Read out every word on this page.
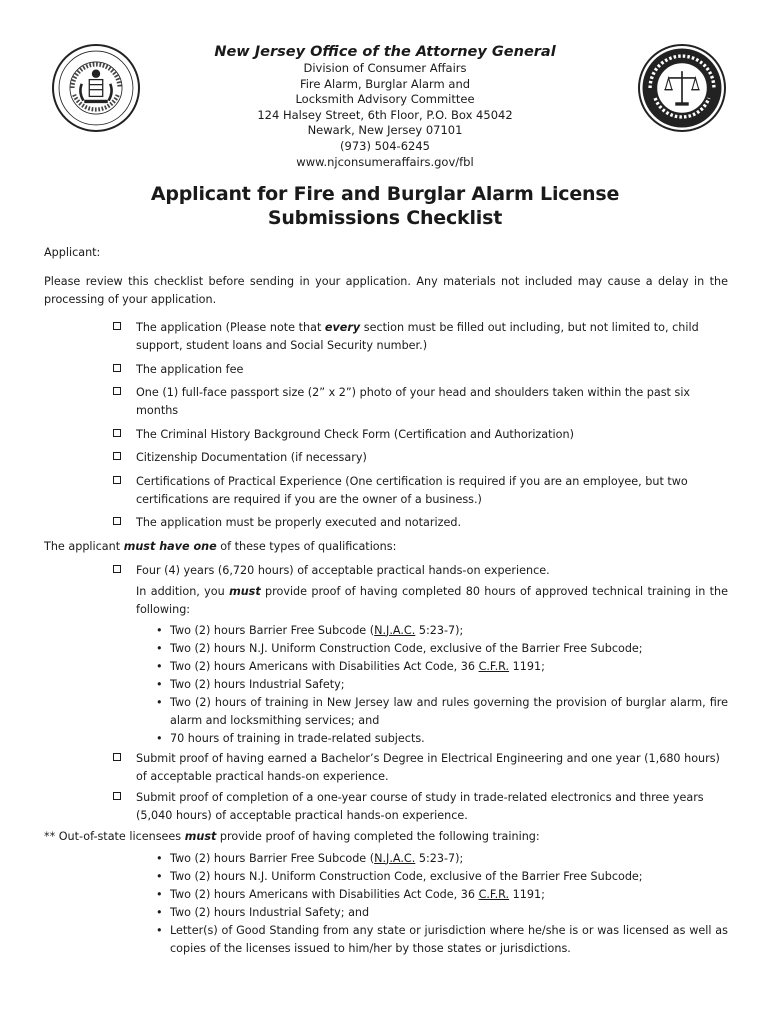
New Jersey Office of the Attorney General
Division of Consumer Affairs
Fire Alarm, Burglar Alarm and
Locksmith Advisory Committee
124 Halsey Street, 6th Floor, P.O. Box 45042
Newark, New Jersey 07101
(973) 504-6245
www.njconsumeraffairs.gov/fbl
Applicant for Fire and Burglar Alarm License
Submissions Checklist

Applicant:

Please review this checklist before sending in your application. Any materials not included may cause a delay in the processing of your application.

The application (Please note that every section must be filled out including, but not limited to, child support, student loans and Social Security number.)
The application fee
One (1) full-face passport size (2” x 2”) photo of your head and shoulders taken within the past six months
The Criminal History Background Check Form (Certification and Authorization)
Citizenship Documentation (if necessary)
Certifications of Practical Experience (One certification is required if you are an employee, but two certifications are required if you are the owner of a business.)
The application must be properly executed and notarized.

The applicant must have one of these types of qualifications:

Four (4) years (6,720 hours) of acceptable practical hands-on experience.

In addition, you must provide proof of having completed 80 hours of approved technical training in the following:

• Two (2) hours Barrier Free Subcode (N.J.A.C. 5:23-7);
• Two (2) hours N.J. Uniform Construction Code, exclusive of the Barrier Free Subcode;
• Two (2) hours Americans with Disabilities Act Code, 36 C.F.R. 1191;
• Two (2) hours Industrial Safety;
• Two (2) hours of training in New Jersey law and rules governing the provision of burglar alarm, fire alarm and locksmithing services; and
• 70 hours of training in trade-related subjects.
Submit proof of having earned a Bachelor’s Degree in Electrical Engineering and one year (1,680 hours) of acceptable practical hands-on experience.
Submit proof of completion of a one-year course of study in trade-related electronics and three years (5,040 hours) of acceptable practical hands-on experience.

** Out-of-state licensees must provide proof of having completed the following training:

• Two (2) hours Barrier Free Subcode (N.J.A.C. 5:23-7);
• Two (2) hours N.J. Uniform Construction Code, exclusive of the Barrier Free Subcode;
• Two (2) hours Americans with Disabilities Act Code, 36 C.F.R. 1191;
• Two (2) hours Industrial Safety; and
• Letter(s) of Good Standing from any state or jurisdiction where he/she is or was licensed as well as copies of the licenses issued to him/her by those states or jurisdictions.
